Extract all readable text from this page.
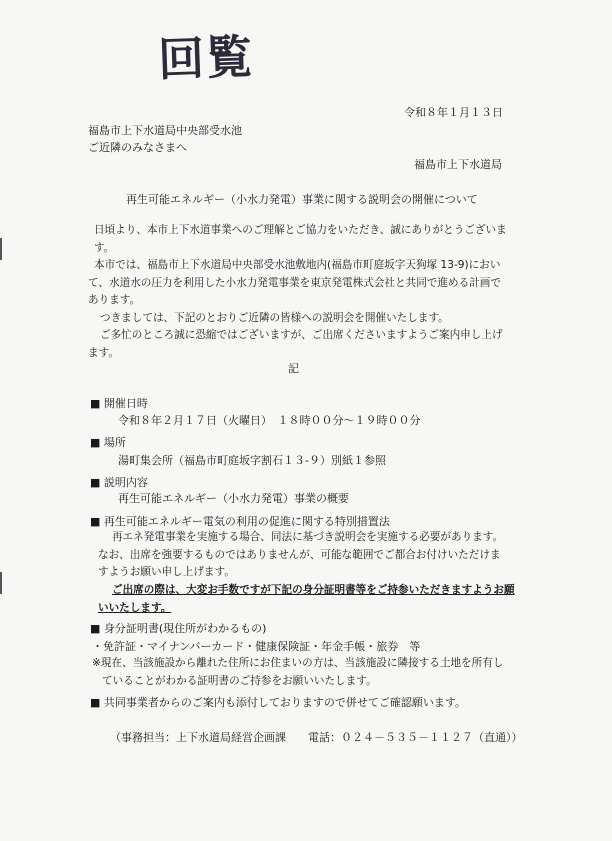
回覧
令和８年１月１３日
福島市上下水道局中央部受水池
ご近隣のみなさまへ
福島市上下水道局
再生可能エネルギー（小水力発電）事業に関する説明会の開催について

日頃より、本市上下水道事業へのご理解とご協力をいただき、誠にありがとうございます。

本市では、福島市上下水道局中央部受水池敷地内(福島市町庭坂字天狗塚 13-9)におい

て、水道水の圧力を利用した小水力発電事業を東京発電株式会社と共同で進める計画で

あります。

つきましては、下記のとおりご近隣の皆様への説明会を開催いたします。

ご多忙のところ誠に恐縮ではございますが、ご出席くださいますようご案内申し上げ

ます。

記
■ 開催日時
令和８年２月１７日（火曜日）　１８時００分～１９時００分
■ 場所
湯町集会所（福島市町庭坂字割石１３-９）別紙１参照
■ 説明内容
再生可能エネルギー（小水力発電）事業の概要
■ 再生可能エネルギー電気の利用の促進に関する特別措置法

再エネ発電事業を実施する場合、同法に基づき説明会を実施する必要があります。

なお、出席を強要するものではありませんが、可能な範囲でご都合お付けいただけま

すようお願い申し上げます。

ご出席の際は、大変お手数ですが下記の身分証明書等をご持参いただきますようお願

いいたします。

■ 身分証明書(現住所がわかるもの)
・免許証・マイナンバーカード・健康保険証・年金手帳・旅券　等

※現在、当該施設から離れた住所にお住まいの方は、当該施設に隣接する土地を所有し

ていることがわかる証明書のご持参をお願いいたします。

■ 共同事業者からのご案内も添付しておりますので併せてご確認願います。
（事務担当：上下水道局経営企画課　　電話：０２４－５３５－１１２７（直通））
